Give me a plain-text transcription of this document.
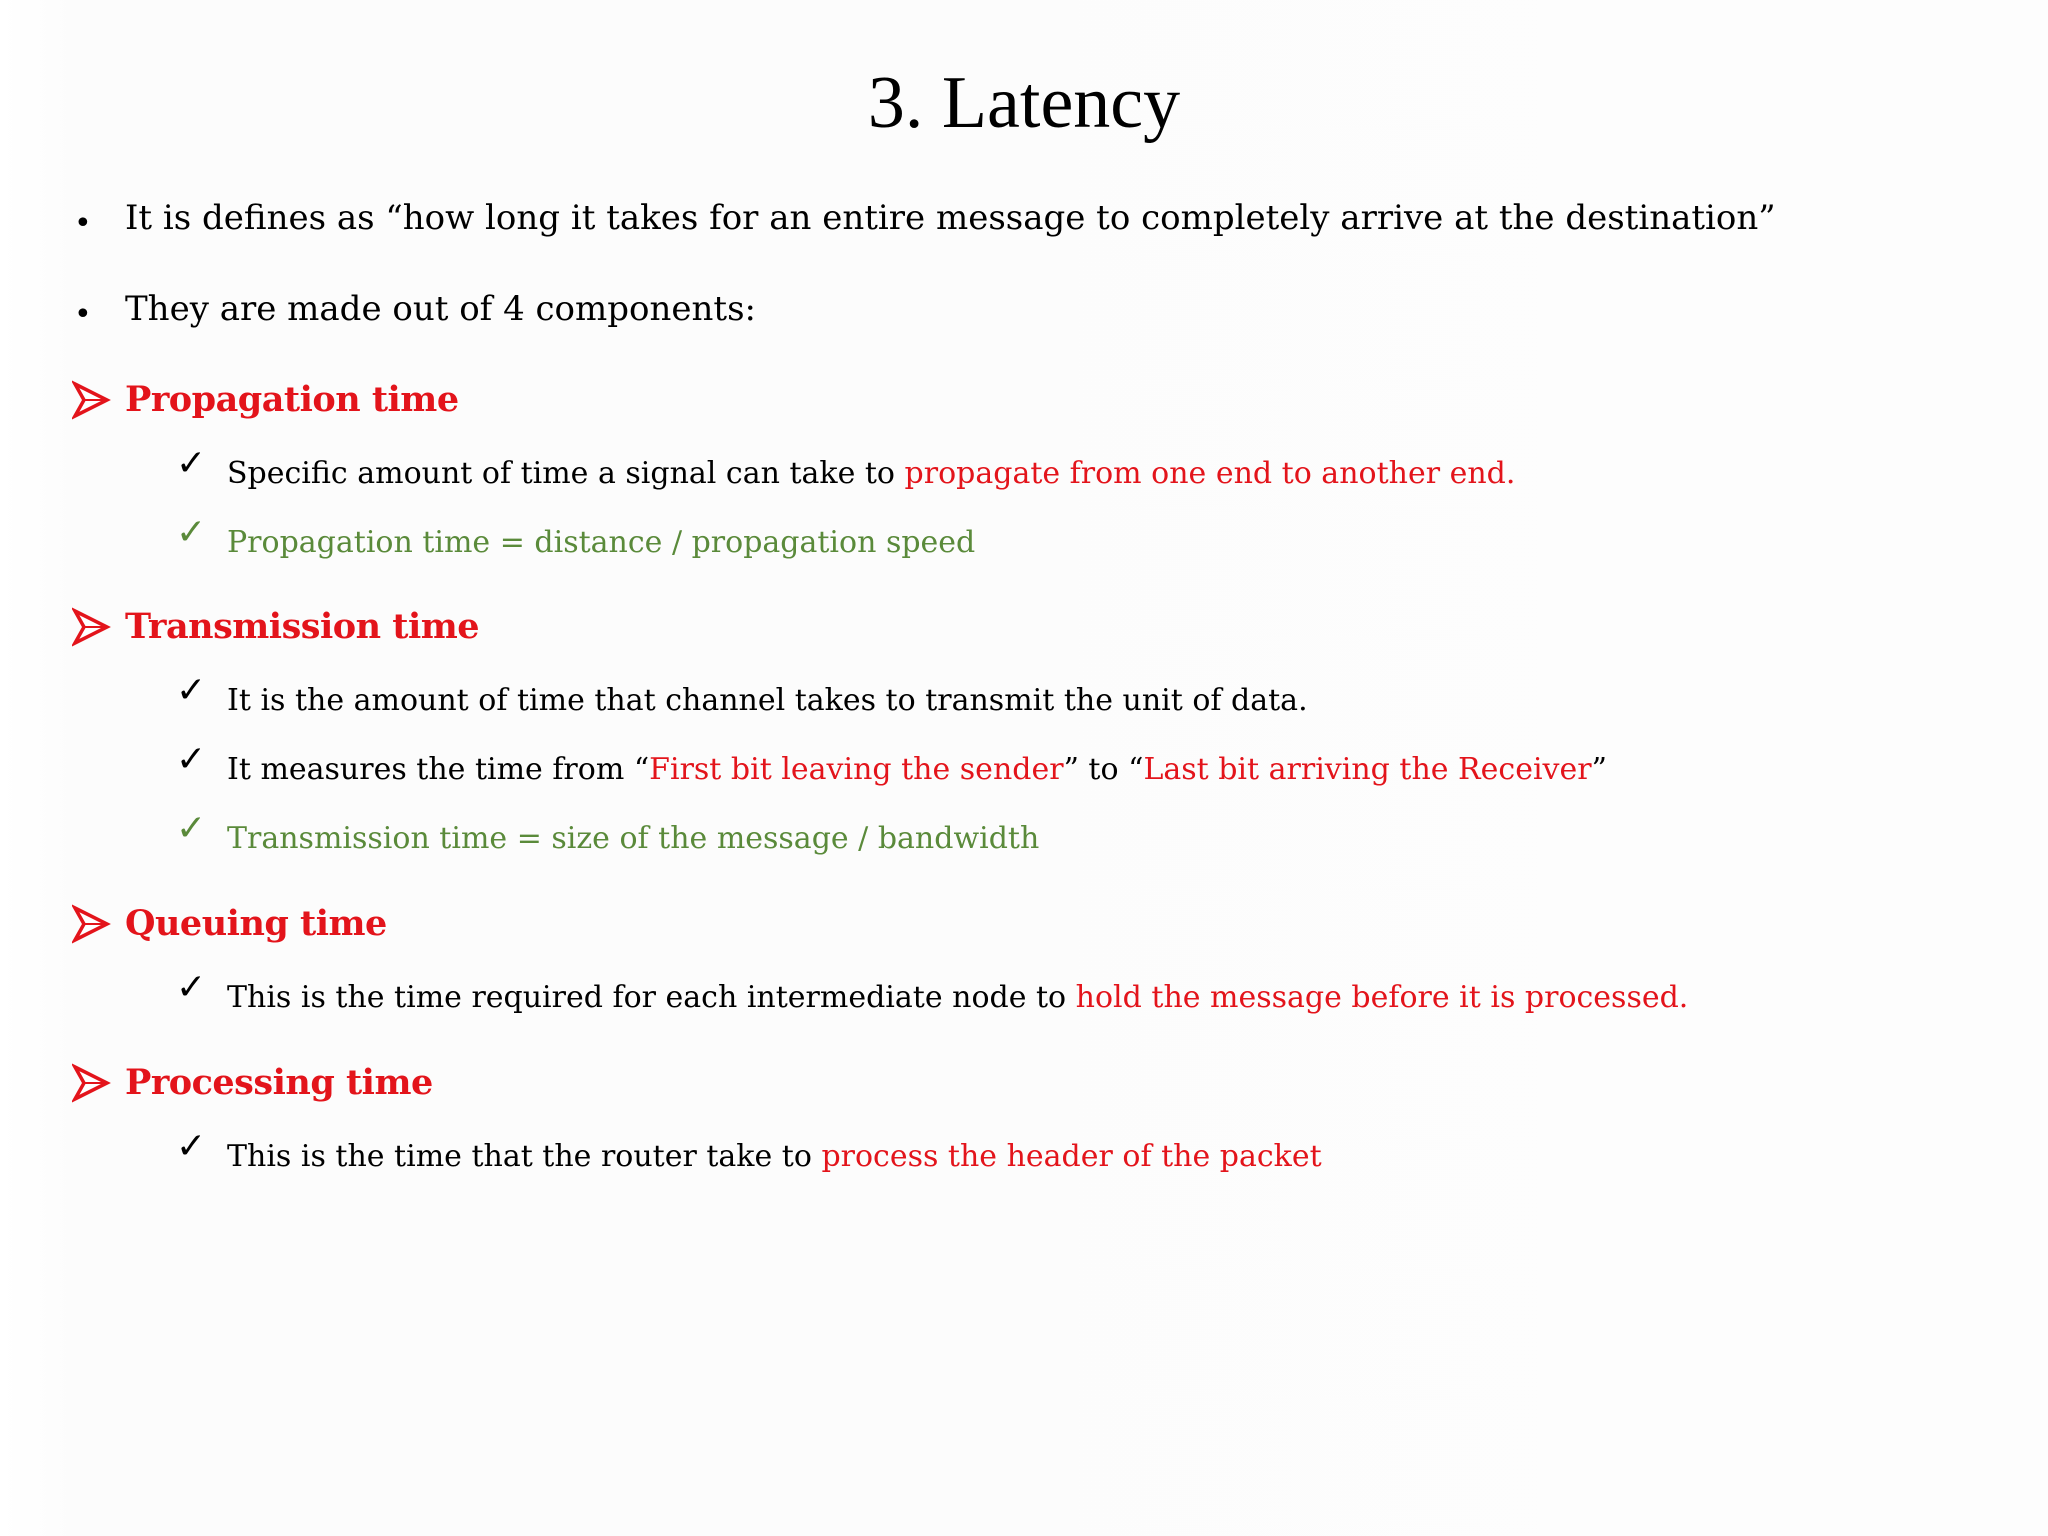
3. Latency
• It is defines as “how long it takes for an entire message to completely arrive at the destination”
• They are made out of 4 components:
Propagation time
✓ Specific amount of time a signal can take to propagate from one end to another end.
✓ Propagation time = distance / propagation speed
Transmission time
✓ It is the amount of time that channel takes to transmit the unit of data.
✓ It measures the time from “First bit leaving the sender” to “Last bit arriving the Receiver”
✓ Transmission time = size of the message / bandwidth
Queuing time
✓ This is the time required for each intermediate node to hold the message before it is processed.
Processing time
✓ This is the time that the router take to process the header of the packet
